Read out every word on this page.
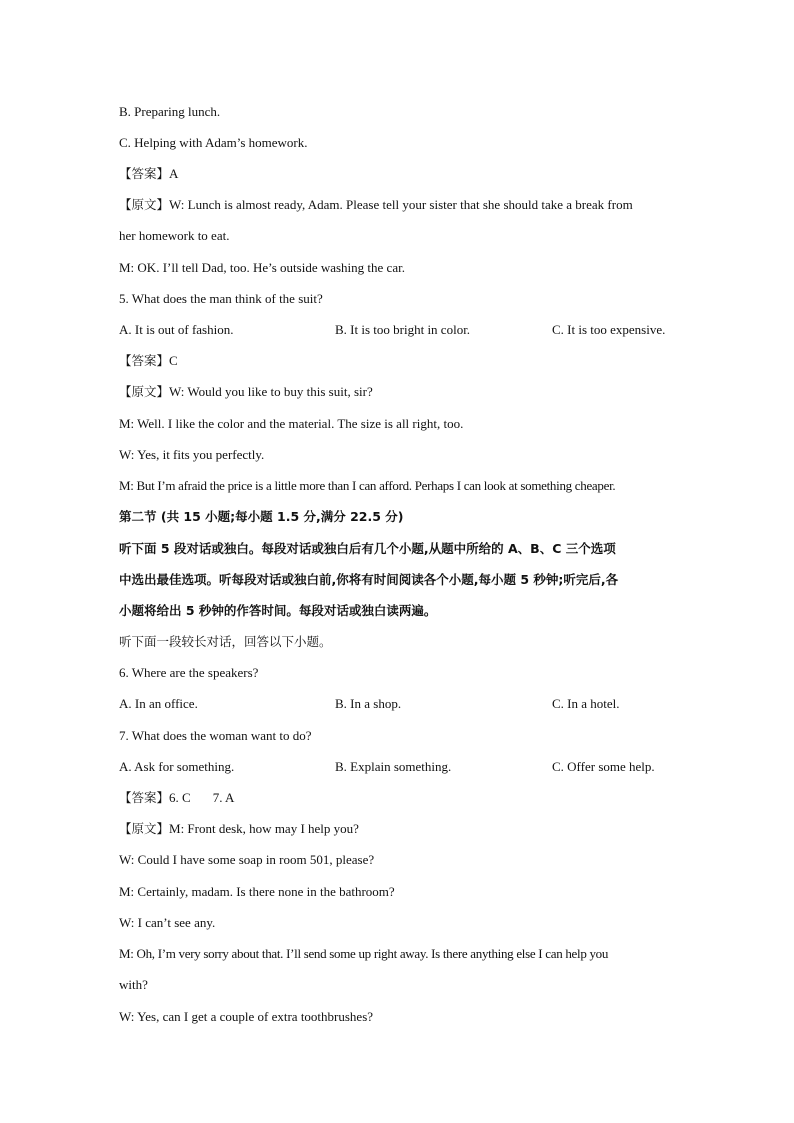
B. Preparing lunch.
C. Helping with Adam’s homework.
【答案】A
【原文】W: Lunch is almost ready, Adam. Please tell your sister that she should take a break from
her homework to eat.
M: OK. I’ll tell Dad, too. He’s outside washing the car.
5. What does the man think of the suit?
A. It is out of fashion.	B. It is too bright in color.	C. It is too expensive.
【答案】C
【原文】W: Would you like to buy this suit, sir?
M: Well. I like the color and the material. The size is all right, too.
W: Yes, it fits you perfectly.
M: But I’m afraid the price is a little more than I can afford. Perhaps I can look at something cheaper.
第二节 (共 15 小题;每小题 1.5 分,满分 22.5 分)
听下面 5 段对话或独白。每段对话或独白后有几个小题,从题中所给的 A、B、C 三个选项
中选出最佳选项。听每段对话或独白前,你将有时间阅读各个小题,每小题 5 秒钟;听完后,各
小题将给出 5 秒钟的作答时间。每段对话或独白读两遍。
听下面一段较长对话，回答以下小题。
6. Where are the speakers?
A. In an office.	B. In a shop.	C. In a hotel.
7. What does the woman want to do?
A. Ask for something.	B. Explain something.	C. Offer some help.
【答案】6. C 7. A
【原文】M: Front desk, how may I help you?
W: Could I have some soap in room 501, please?
M: Certainly, madam. Is there none in the bathroom?
W: I can’t see any.
M: Oh, I’m very sorry about that. I’ll send some up right away. Is there anything else I can help you
with?
W: Yes, can I get a couple of extra toothbrushes?
